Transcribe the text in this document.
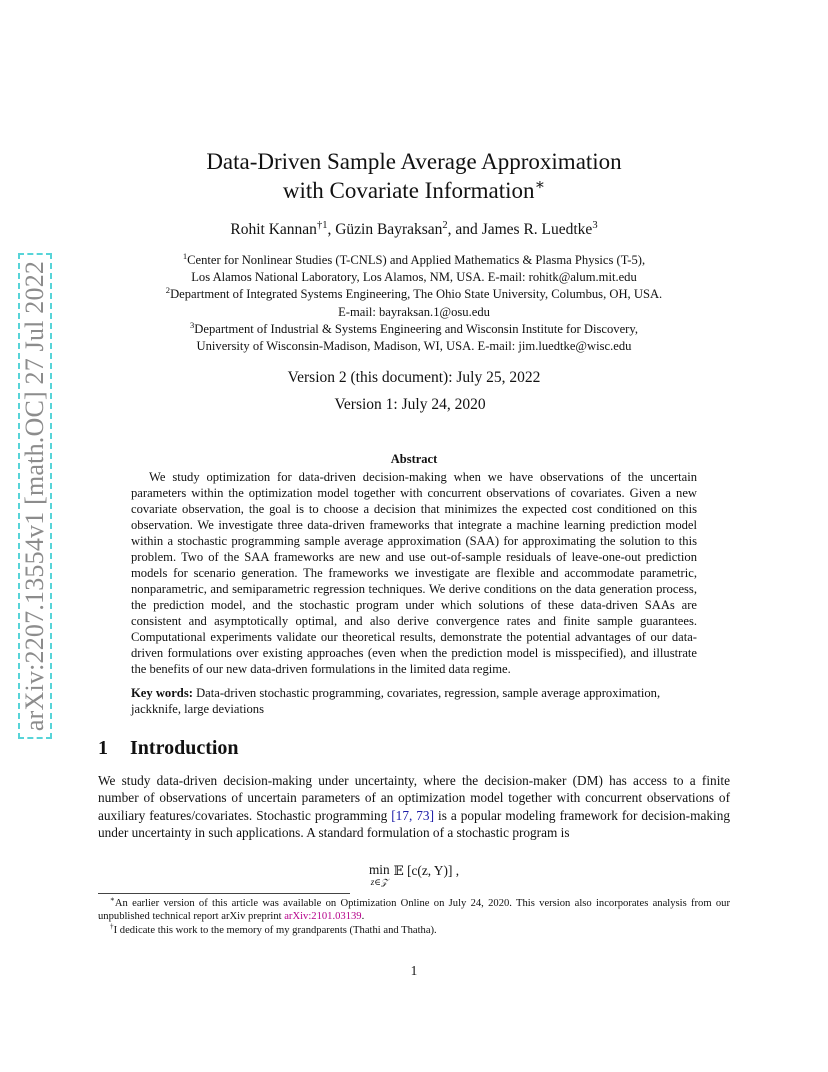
arXiv:2207.13554v1 [math.OC] 27 Jul 2022
Data-Driven Sample Average Approximation
with Covariate Information∗
Rohit Kannan$^{\dagger 1}$, Güzin Bayraksan$^2$, and James R. Luedtke$^3$
$^1$Center for Nonlinear Studies (T-CNLS) and Applied Mathematics & Plasma Physics (T-5),
Los Alamos National Laboratory, Los Alamos, NM, USA. E-mail: rohitk@alum.mit.edu
$^2$Department of Integrated Systems Engineering, The Ohio State University, Columbus, OH, USA.
E-mail: bayraksan.1@osu.edu
$^3$Department of Industrial & Systems Engineering and Wisconsin Institute for Discovery,
University of Wisconsin-Madison, Madison, WI, USA. E-mail: jim.luedtke@wisc.edu
Version 2 (this document): July 25, 2022
Version 1: July 24, 2020
Abstract
We study optimization for data-driven decision-making when we have observations of the uncertain parameters within the optimization model together with concurrent observations of covariates. Given a new covariate observation, the goal is to choose a decision that minimizes the expected cost conditioned on this observation. We investigate three data-driven frameworks that integrate a machine learning prediction model within a stochastic programming sample average approximation (SAA) for approximating the solution to this problem. Two of the SAA frameworks are new and use out-of-sample residuals of leave-one-out prediction models for scenario generation. The frameworks we investigate are flexible and accommodate parametric, nonparametric, and semiparametric regression techniques. We derive conditions on the data generation process, the prediction model, and the stochastic program under which solutions of these data-driven SAAs are consistent and asymptotically optimal, and also derive convergence rates and finite sample guarantees. Computational experiments validate our theoretical results, demonstrate the potential advantages of our data-driven formulations over existing approaches (even when the prediction model is misspecified), and illustrate the benefits of our new data-driven formulations in the limited data regime.
Key words: Data-driven stochastic programming, covariates, regression, sample average approximation, jackknife, large deviations
1 Introduction
We study data-driven decision-making under uncertainty, where the decision-maker (DM) has access to a finite number of observations of uncertain parameters of an optimization model together with concurrent observations of auxiliary features/covariates. Stochastic programming [17, 73] is a popular modeling framework for decision-making under uncertainty in such applications. A standard formulation of a stochastic program is
min
z∈𝒵
𝔼 [c(z, Y)] ,
∗An earlier version of this article was available on Optimization Online on July 24, 2020. This version also incorporates analysis from our unpublished technical report arXiv preprint arXiv:2101.03139.
†I dedicate this work to the memory of my grandparents (Thathi and Thatha).
1
